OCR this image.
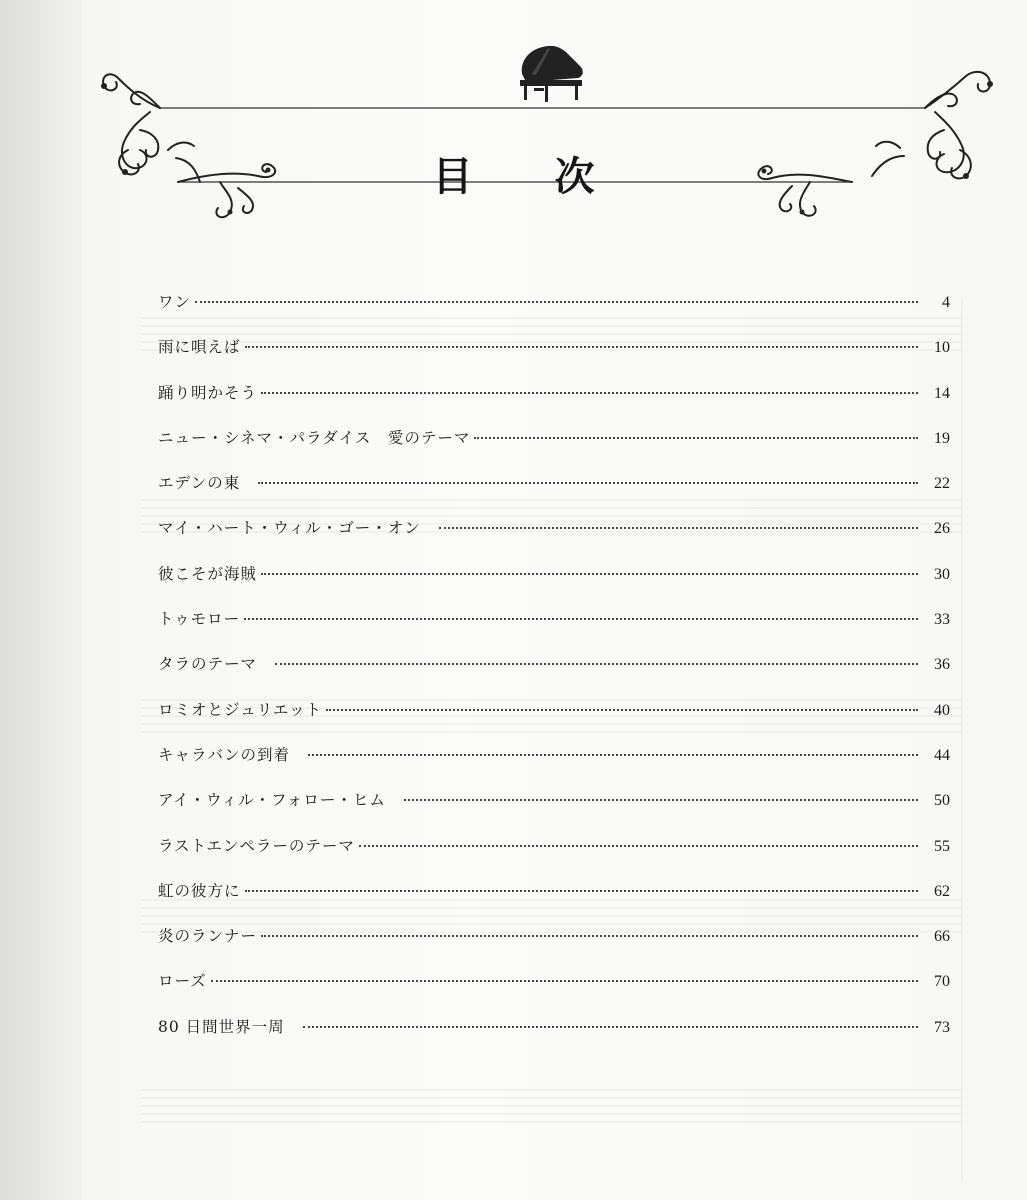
目 次
ワン	4
雨に唄えば	10
踊り明かそう	14
ニュー・シネマ・パラダイス　愛のテーマ	19
エデンの東	22
マイ・ハート・ウィル・ゴー・オン	26
彼こそが海賊	30
トゥモロー	33
タラのテーマ	36
ロミオとジュリエット	40
キャラバンの到着	44
アイ・ウィル・フォロー・ヒム	50
ラストエンペラーのテーマ	55
虹の彼方に	62
炎のランナー	66
ローズ	70
80 日間世界一周	73
